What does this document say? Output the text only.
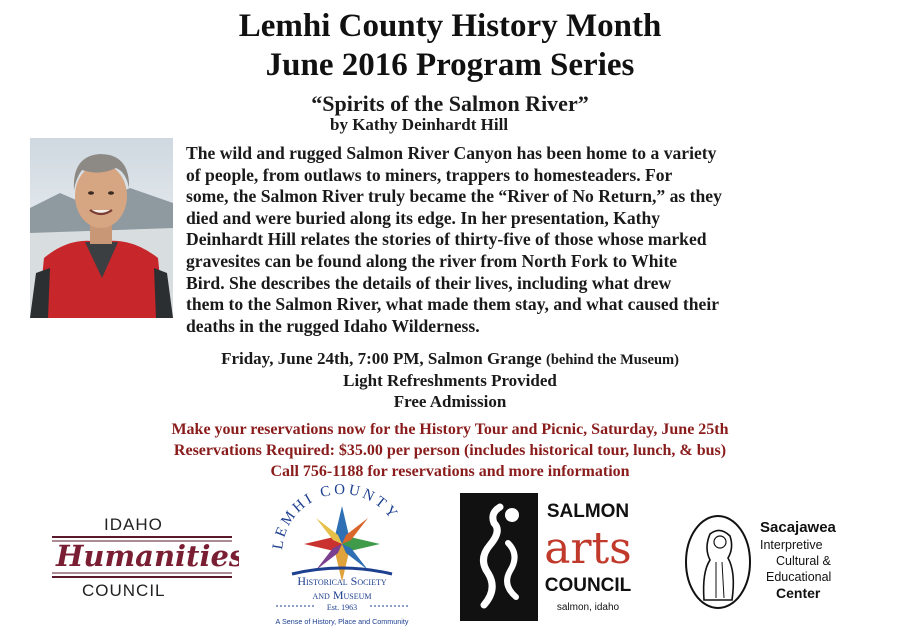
Lemhi County History Month
June 2016 Program Series
“Spirits of the Salmon River”
by Kathy Deinhardt Hill
The wild and rugged Salmon River Canyon has been home to a variety
of people, from outlaws to miners, trappers to homesteaders. For
some, the Salmon River truly became the “River of No Return,” as they
died and were buried along its edge. In her presentation, Kathy
Deinhardt Hill relates the stories of thirty-five of those whose marked
gravesites can be found along the river from North Fork to White
Bird. She describes the details of their lives, including what drew
them to the Salmon River, what made them stay, and what caused their
deaths in the rugged Idaho Wilderness.
Friday, June 24th, 7:00 PM, Salmon Grange (behind the Museum)
Light Refreshments Provided
Free Admission
Make your reservations now for the History Tour and Picnic, Saturday, June 25th
Reservations Required: $35.00 per person (includes historical tour, lunch, & bus)
Call 756-1188 for reservations and more information
IDAHO
Humanities
COUNCIL
LEMHI COUNTY
Historical Society
and Museum
Est. 1963
A Sense of History, Place and Community
SALMON
arts
COUNCIL
salmon, idaho
Sacajawea
Interpretive
Cultural &
Educational
Center
